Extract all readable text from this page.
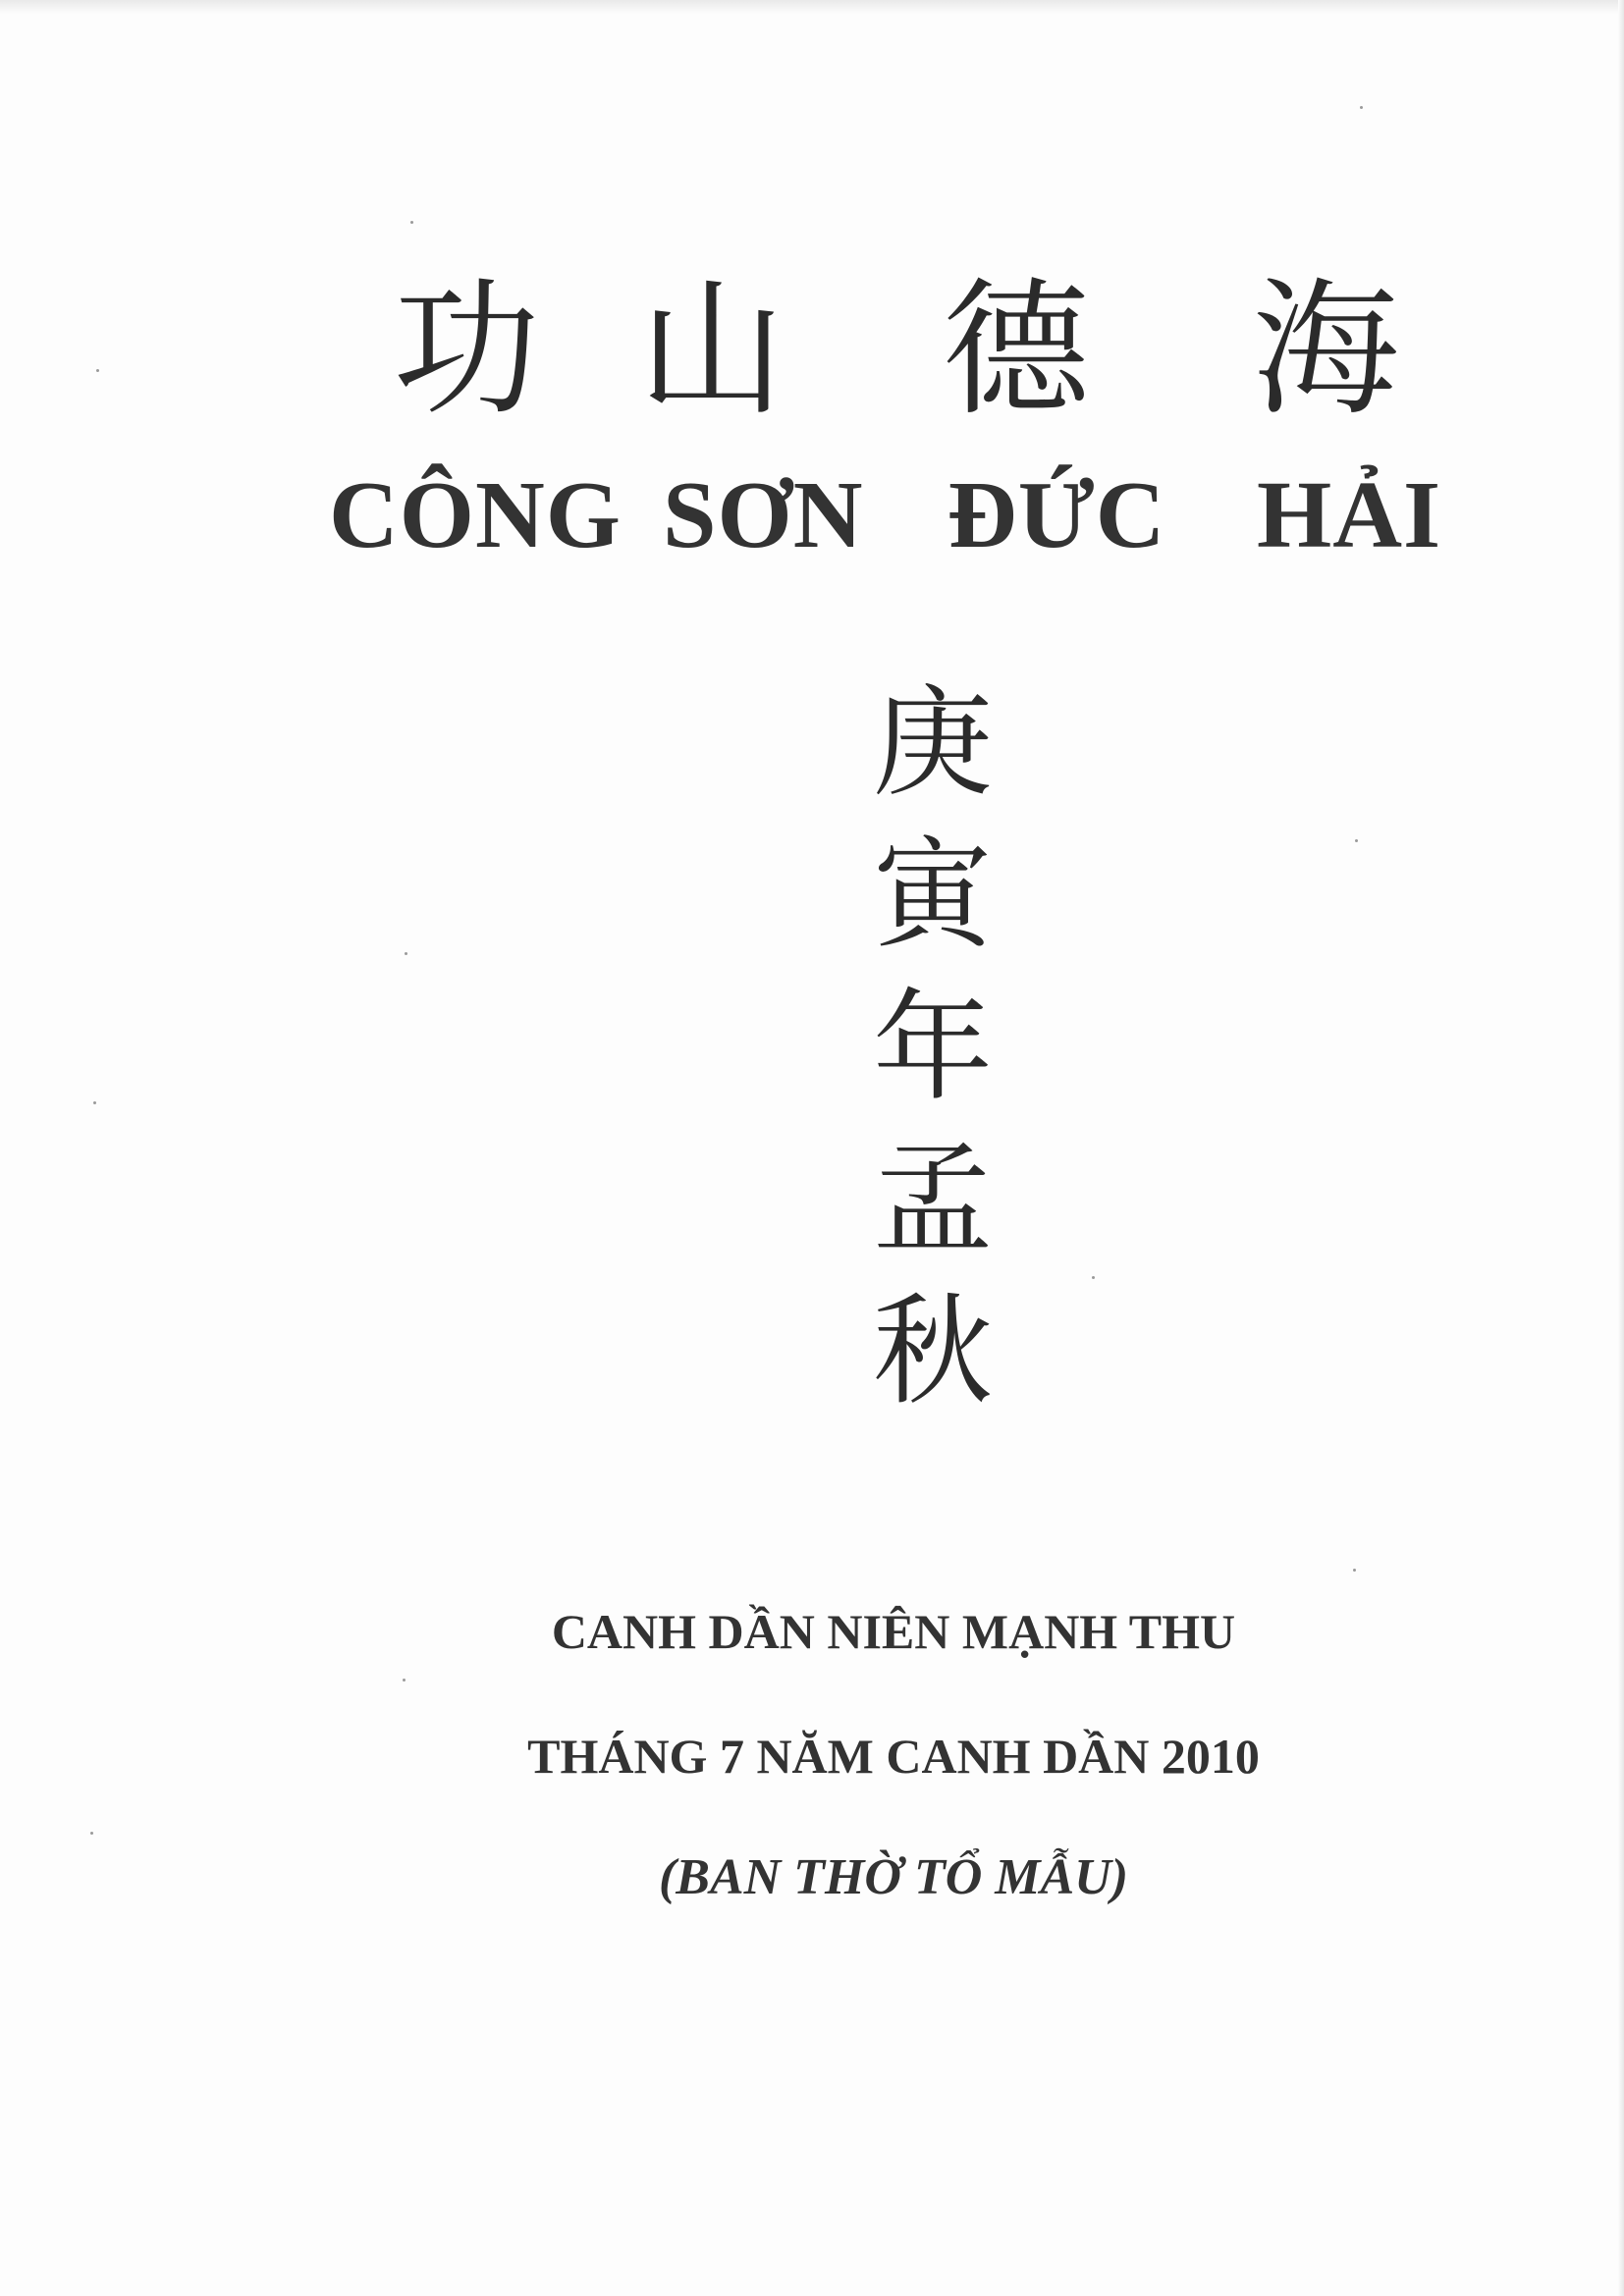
功 山 德 海
CÔNG SƠN ĐỨC HẢI
庚
寅
年
孟
秋
CANH DẦN NIÊN MẠNH THU
THÁNG 7 NĂM CANH DẦN 2010
(BAN THỜ TỔ MẪU)
